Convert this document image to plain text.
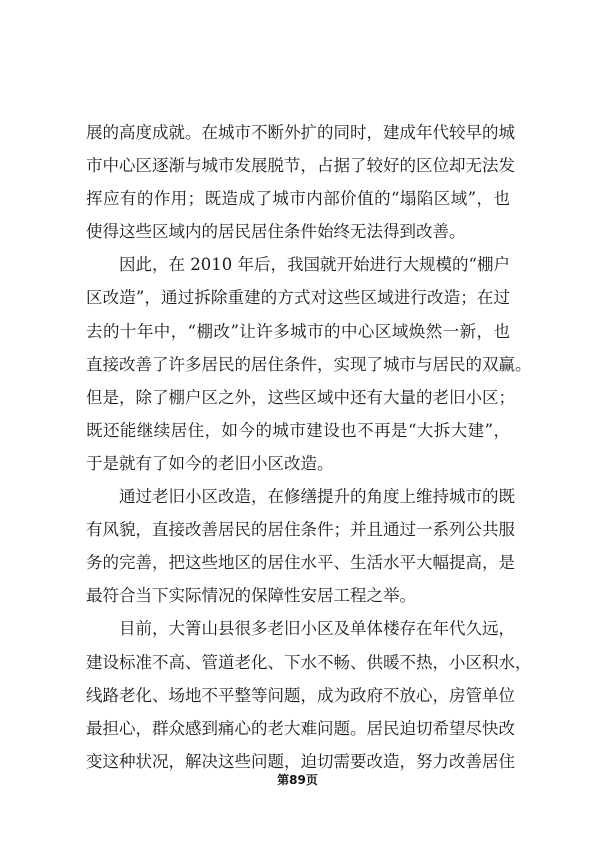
展的高度成就。在城市不断外扩的同时，建成年代较早的城
市中心区逐渐与城市发展脱节，占据了较好的区位却无法发
挥应有的作用；既造成了城市内部价值的“塌陷区域”，也
使得这些区域内的居民居住条件始终无法得到改善。
因此，在 2010 年后，我国就开始进行大规模的“棚户
区改造”，通过拆除重建的方式对这些区域进行改造；在过
去的十年中，“棚改”让许多城市的中心区域焕然一新，也
直接改善了许多居民的居住条件，实现了城市与居民的双赢。
但是，除了棚户区之外，这些区域中还有大量的老旧小区；
既还能继续居住，如今的城市建设也不再是“大拆大建”，
于是就有了如今的老旧小区改造。
通过老旧小区改造，在修缮提升的角度上维持城市的既
有风貌，直接改善居民的居住条件；并且通过一系列公共服
务的完善，把这些地区的居住水平、生活水平大幅提高，是
最符合当下实际情况的保障性安居工程之举。
目前，大箐山县很多老旧小区及单体楼存在年代久远，
建设标准不高、管道老化、下水不畅、供暖不热，小区积水，
线路老化、场地不平整等问题，成为政府不放心，房管单位
最担心，群众感到痛心的老大难问题。居民迫切希望尽快改
变这种状况，解决这些问题，迫切需要改造，努力改善居住
第89页
